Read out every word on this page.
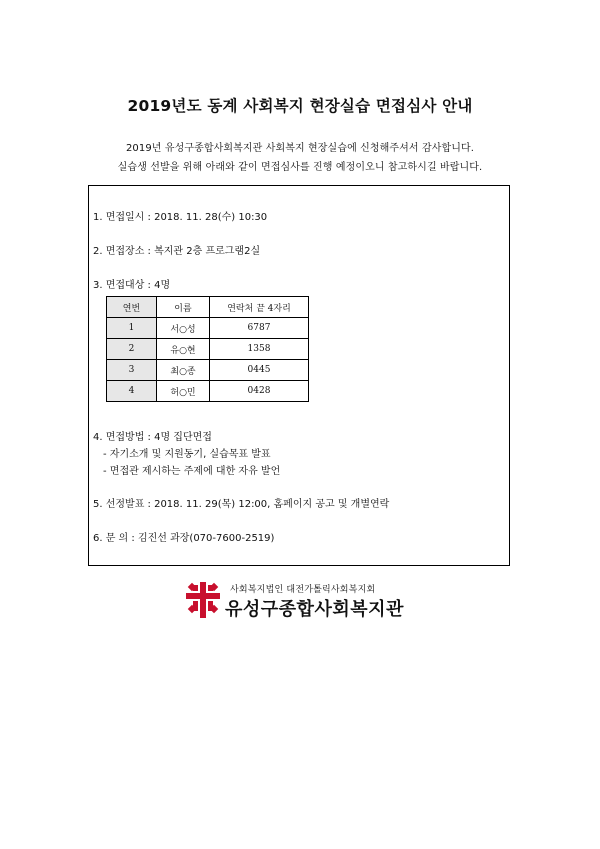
2019년도 동계 사회복지 현장실습 면접심사 안내
2019년 유성구종합사회복지관 사회복지 현장실습에 신청해주셔서 감사합니다.
실습생 선발을 위해 아래와 같이 면접심사를 진행 예정이오니 참고하시길 바랍니다.
1. 면접일시 : 2018. 11. 28(수) 10:30
2. 면접장소 : 복지관 2층 프로그램2실
3. 면접대상 : 4명
연번	이름	연락처 끝 4자리
1	서○성	6787
2	유○현	1358
3	최○종	0445
4	허○민	0428
4. 면접방법 : 4명 집단면접
- 자기소개 및 지원동기, 실습목표 발표
- 면접관 제시하는 주제에 대한 자유 발언
5. 선정발표 : 2018. 11. 29(목) 12:00, 홈페이지 공고 및 개별연락
6. 문 의 : 김진선 과장(070-7600-2519)
사회복지법인 대전가톨릭사회복지회
유성구종합사회복지관
